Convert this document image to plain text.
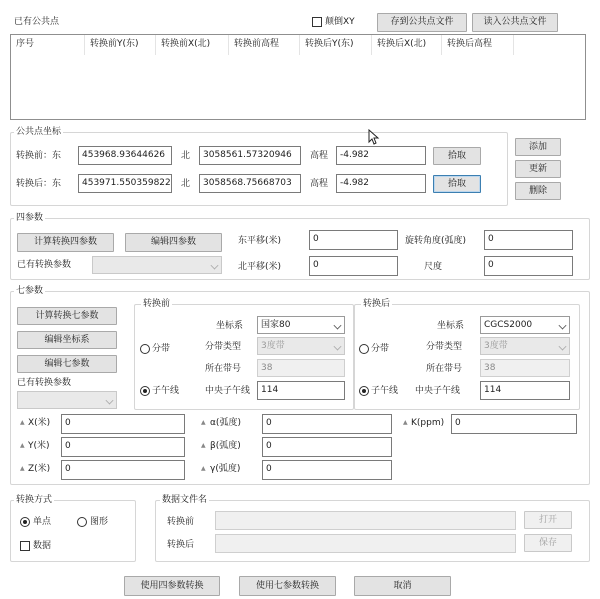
已有公共点	颠倒XY	存到公共点文件	读入公共点文件
序号	转换前Y(东)	转换前X(北)	转换前高程	转换后Y(东)	转换后X(北)	转换后高程
公共点坐标
转换前：东	453968.93644626	北	3058561.57320946	高程	-4.982	拾取
转换后：东	453971.550359822 北	3058568.75668703	高程	-4.982	拾取
添加
更新
删除
四参数
计算转换四参数	编辑四参数
已有转换参数
东平移(米)	0
北平移(米)	0
旋转角度(弧度)	0
尺度	0
七参数
计算转换七参数
编辑坐标系
编辑七参数
已有转换参数
转换前
坐标系	国家80
分带	分带类型	3度带
所在带号	38
子午线	中央子午线	114
转换后
坐标系	CGCS2000
分带	分带类型	3度带
所在带号	38
子午线 中央子午线	114
▲ X(米)	0
▲ Y(米)	0
▲ Z(米)	0
▲ α(弧度)	0
▲ β(弧度)	0
▲ γ(弧度)	0
▲ K(ppm)	0
转换方式
单点	图形
数据
数据文件名
转换前	打开
转换后	保存
使用四参数转换	使用七参数转换	取消
